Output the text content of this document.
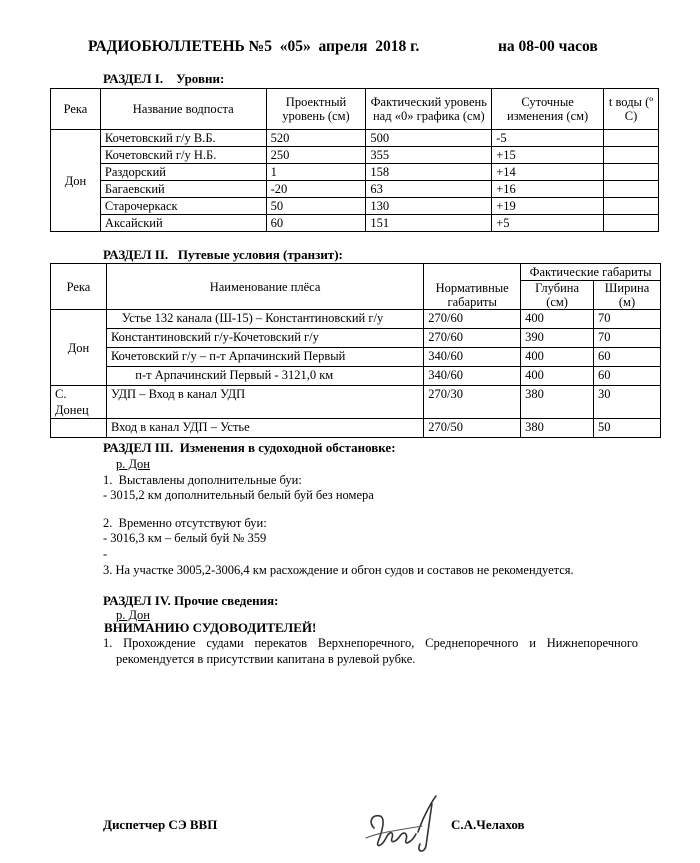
РАДИОБЮЛЛЕТЕНЬ №5  «05»  апреля  2018 г.	на 08-00 часов
РАЗДЕЛ I.    Уровни:
Река	Название водпоста	Проектный уровень (см)	Фактический уровень над «0» графика (см)	Суточные изменения (см)	t воды (º С)
Дон	Кочетовский г/у В.Б.	520	500	-5	
	Кочетовский г/у Н.Б.	250	355	+15	
	Раздорский	1	158	+14	
	Багаевский	-20	63	+16	
	Старочеркаск	50	130	+19	
	Аксайский	60	151	+5	
РАЗДЕЛ II.   Путевые условия (транзит):
Река	Наименование плёса	Нормативные габариты	Фактические габариты	
			Глубина (см)	Ширина (м)
Дон	Устье 132 канала (Ш-15) – Константиновский г/у	270/60	400	70
	Константиновский г/у-Кочетовский г/у	270/60	390	70
	Кочетовский г/у – п-т Арпачинский Первый	340/60	400	60
	п-т Арпачинский Первый - 3121,0 км	340/60	400	60
С. Донец	УДП – Вход в канал УДП	270/30	380	30
	Вход в канал УДП – Устье	270/50	380	50
РАЗДЕЛ III.  Изменения в судоходной обстановке:
р. Дон
1.  Выставлены дополнительные буи:
- 3015,2 км дополнительный белый буй без номера
2.  Временно отсутствуют буи:
- 3016,3 км – белый буй № 359
-
3. На участке 3005,2-3006,4 км расхождение и обгон судов и составов не рекомендуется.
РАЗДЕЛ IV. Прочие сведения:
р. Дон
ВНИМАНИЮ СУДОВОДИТЕЛЕЙ!
1. Прохождение судами перекатов Верхнепоречного, Среднепоречного и Нижнепоречного
рекомендуется в присутствии капитана в рулевой рубке.
Диспетчер СЭ ВВП	С.А.Челахов
